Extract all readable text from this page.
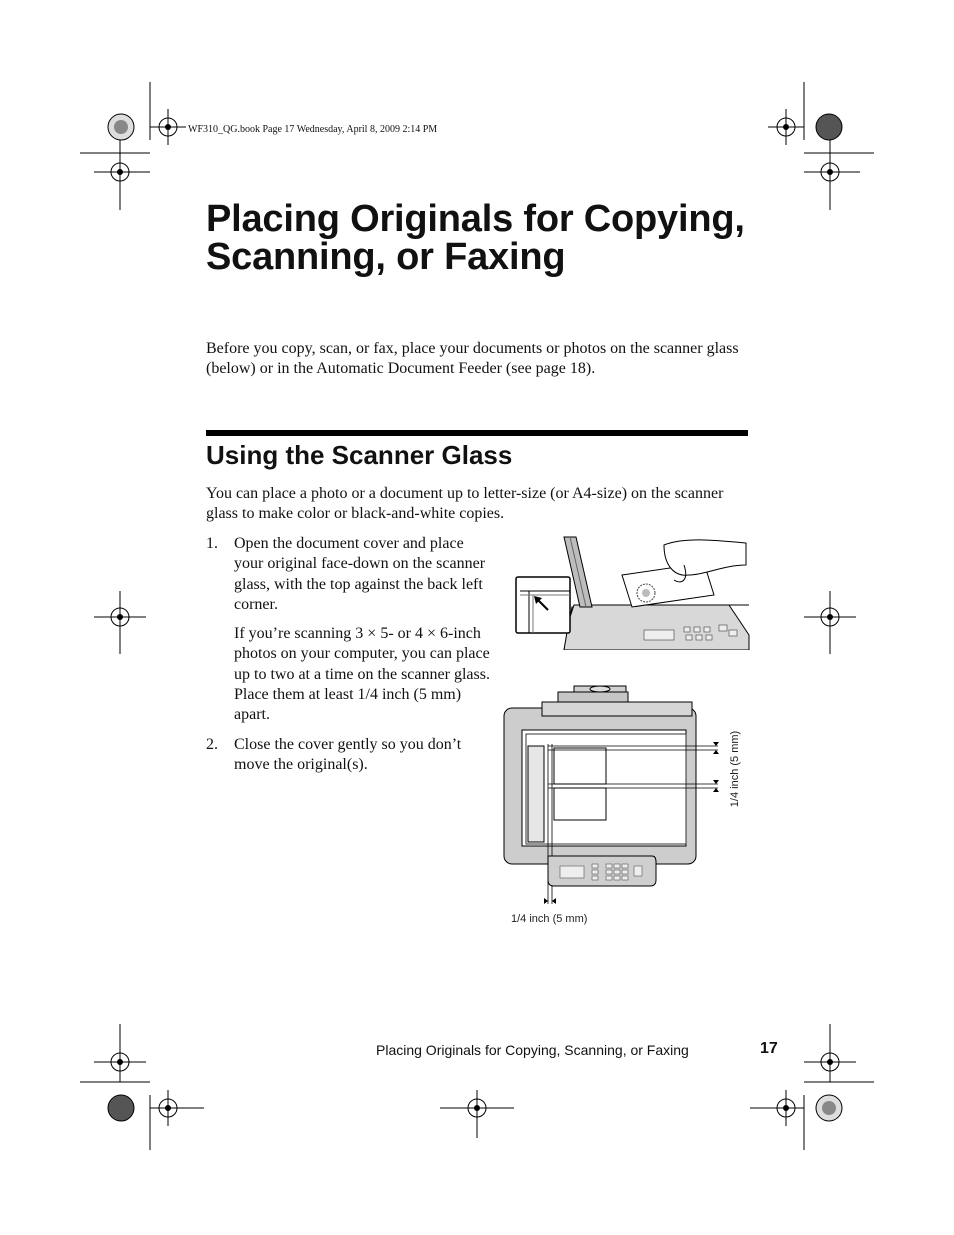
WF310_QG.book Page 17 Wednesday, April 8, 2009 2:14 PM
Placing Originals for Copying, Scanning, or Faxing
Before you copy, scan, or fax, place your documents or photos on the scanner glass (below) or in the Automatic Document Feeder (see page 18).
Using the Scanner Glass
You can place a photo or a document up to letter-size (or A4-size) on the scanner glass to make color or black-and-white copies.
1. Open the document cover and place your original face-down on the scanner glass, with the top against the back left corner.
If you’re scanning 3 × 5- or 4 × 6-inch photos on your computer, you can place up to two at a time on the scanner glass. Place them at least 1/4 inch (5 mm) apart.
2. Close the cover gently so you don’t move the original(s).	1/4 inch (5 mm)
1/4 inch (5 mm)
Placing Originals for Copying, Scanning, or Faxing	17
